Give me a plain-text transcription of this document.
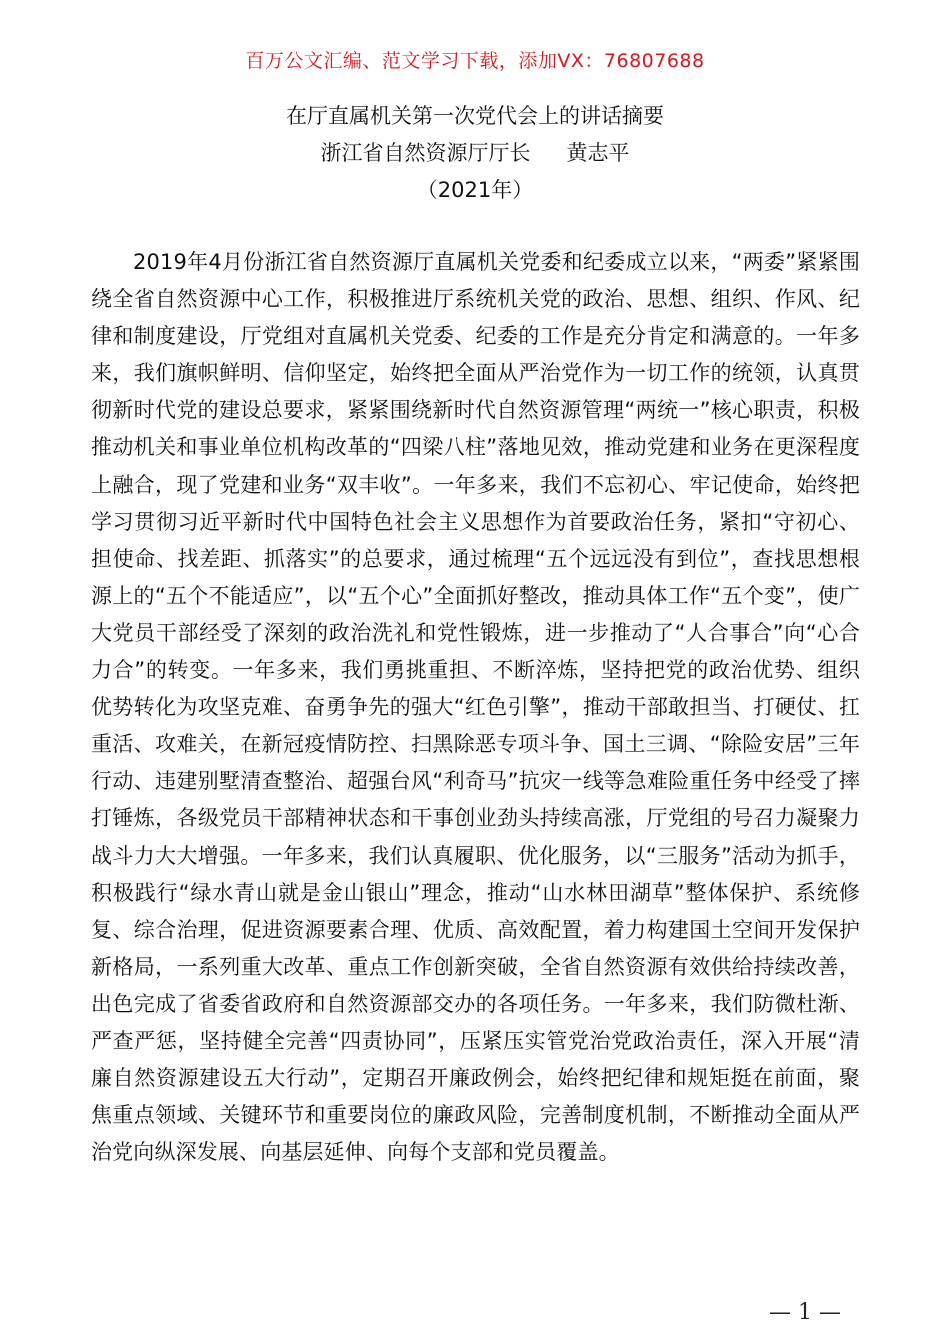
百万公文汇编、范文学习下载，添加VX：76807688
在厅直属机关第一次党代会上的讲话摘要
浙江省自然资源厅厅长 黄志平
（2021年）
2019年4月份浙江省自然资源厅直属机关党委和纪委成立以来，“两委”紧紧围绕全省自然资源中心工作，积极推进厅系统机关党的政治、思想、组织、作风、纪律和制度建设，厅党组对直属机关党委、纪委的工作是充分肯定和满意的。一年多来，我们旗帜鲜明、信仰坚定，始终把全面从严治党作为一切工作的统领，认真贯彻新时代党的建设总要求，紧紧围绕新时代自然资源管理“两统一”核心职责，积极推动机关和事业单位机构改革的“四梁八柱”落地见效，推动党建和业务在更深程度上融合，现了党建和业务“双丰收”。一年多来，我们不忘初心、牢记使命，始终把学习贯彻习近平新时代中国特色社会主义思想作为首要政治任务，紧扣“守初心、担使命、找差距、抓落实”的总要求，通过梳理“五个远远没有到位”，查找思想根源上的“五个不能适应”，以“五个心”全面抓好整改，推动具体工作“五个变”，使广大党员干部经受了深刻的政治洗礼和党性锻炼，进一步推动了“人合事合”向“心合力合”的转变。一年多来，我们勇挑重担、不断淬炼，坚持把党的政治优势、组织优势转化为攻坚克难、奋勇争先的强大“红色引擎”，推动干部敢担当、打硬仗、扛重活、攻难关，在新冠疫情防控、扫黑除恶专项斗争、国土三调、“除险安居”三年行动、违建别墅清查整治、超强台风“利奇马”抗灾一线等急难险重任务中经受了摔打锤炼，各级党员干部精神状态和干事创业劲头持续高涨，厅党组的号召力凝聚力战斗力大大增强。一年多来，我们认真履职、优化服务，以“三服务”活动为抓手，积极践行“绿水青山就是金山银山”理念，推动“山水林田湖草”整体保护、系统修复、综合治理，促进资源要素合理、优质、高效配置，着力构建国土空间开发保护新格局，一系列重大改革、重点工作创新突破，全省自然资源有效供给持续改善，出色完成了省委省政府和自然资源部交办的各项任务。一年多来，我们防微杜渐、严查严惩，坚持健全完善“四责协同”，压紧压实管党治党政治责任，深入开展“清廉自然资源建设五大行动”，定期召开廉政例会，始终把纪律和规矩挺在前面，聚焦重点领域、关键环节和重要岗位的廉政风险，完善制度机制，不断推动全面从严治党向纵深发展、向基层延伸、向每个支部和党员覆盖。
— 1 —
